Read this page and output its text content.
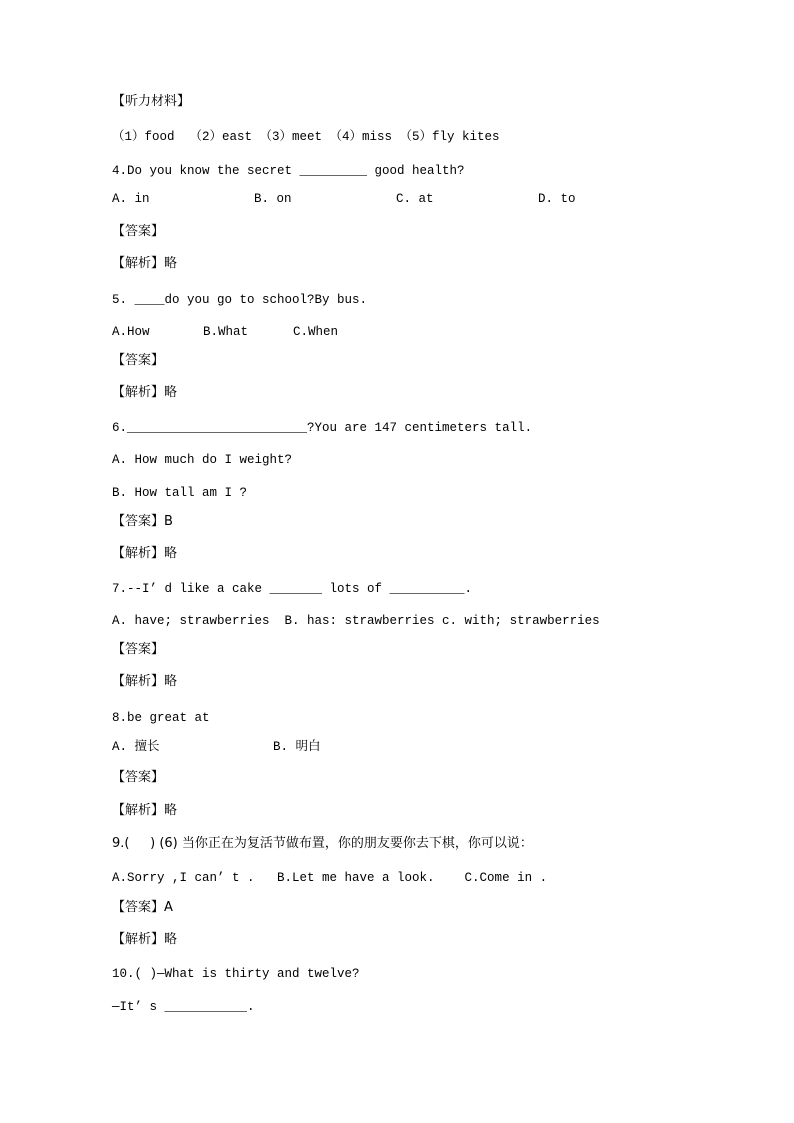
【听力材料】
（1）food  （2）east （3）meet （4）miss （5）fly kites
4.Do you know the secret _________ good health?
A. in	B. on	C. at	D. to
【答案】
【解析】略
5. ____do you go to school?By bus.
A.How	B.What	C.When
【答案】
【解析】略
6.________________________?You are 147 centimeters tall.
A. How much do I weight?
B. How tall am I ?
【答案】B
【解析】略
7.--I’ d like a cake _______ lots of __________.
A. have; strawberries  B. has: strawberries c. with; strawberries
【答案】
【解析】略
8.be great at
A. 擅长	B. 明白
【答案】
【解析】略
9.(     ) (6) 当你正在为复活节做布置，你的朋友要你去下棋，你可以说：
A.Sorry ,I can’ t .   B.Let me have a look.    C.Come in .
【答案】A
【解析】略
10.( )—What is thirty and twelve?
—It’ s ___________.
